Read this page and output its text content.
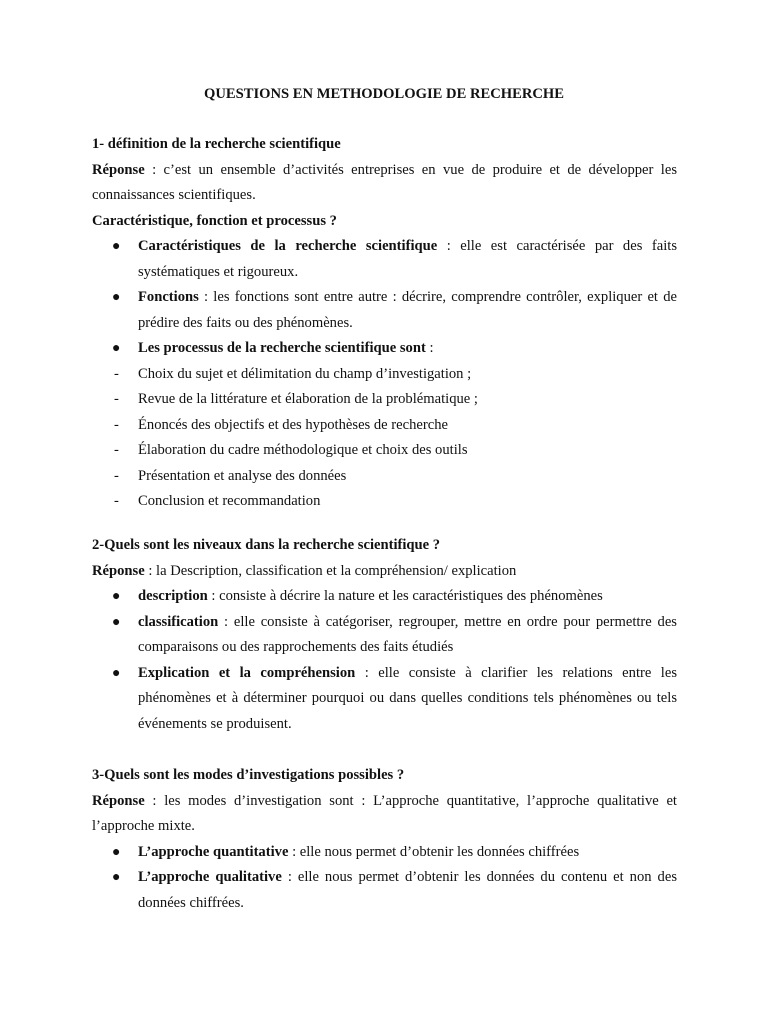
QUESTIONS EN METHODOLOGIE DE RECHERCHE

1- définition de la recherche scientifique

Réponse : c’est un ensemble d’activités entreprises en vue de produire et de développer les connaissances scientifiques.

Caractéristique, fonction et processus ?

● Caractéristiques de la recherche scientifique : elle est caractérisée par des faits systématiques et rigoureux.
● Fonctions : les fonctions sont entre autre : décrire, comprendre contrôler, expliquer et de prédire des faits ou des phénomènes.
● Les processus de la recherche scientifique sont :
- Choix du sujet et délimitation du champ d’investigation ;
- Revue de la littérature et élaboration de la problématique ;
- Énoncés des objectifs et des hypothèses de recherche
- Élaboration du cadre méthodologique et choix des outils
- Présentation et analyse des données
- Conclusion et recommandation

2-Quels sont les niveaux dans la recherche scientifique ?

Réponse : la Description, classification et la compréhension/ explication

● description : consiste à décrire la nature et les caractéristiques des phénomènes
● classification : elle consiste à catégoriser, regrouper, mettre en ordre pour permettre des comparaisons ou des rapprochements des faits étudiés
● Explication et la compréhension : elle consiste à clarifier les relations entre les phénomènes et à déterminer pourquoi ou dans quelles conditions tels phénomènes ou tels événements se produisent.

3-Quels sont les modes d’investigations possibles ?

Réponse : les modes d’investigation sont : L’approche quantitative, l’approche qualitative et l’approche mixte.

● L’approche quantitative : elle nous permet d’obtenir les données chiffrées
● L’approche qualitative : elle nous permet d’obtenir les données du contenu et non des données chiffrées.
